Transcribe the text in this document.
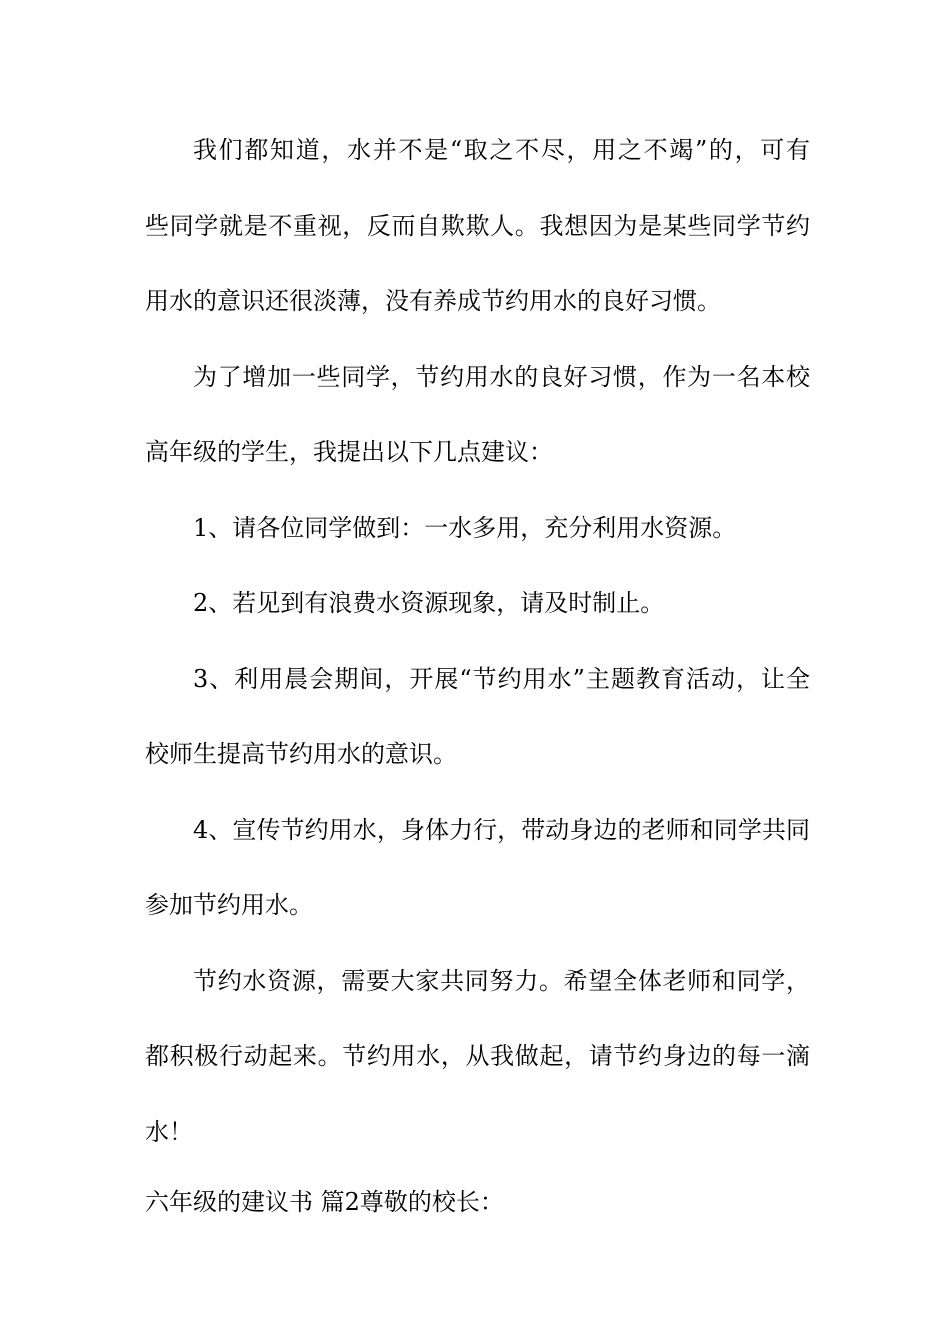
我们都知道，水并不是“取之不尽，用之不竭”的，可有
些同学就是不重视，反而自欺欺人。我想因为是某些同学节约
用水的意识还很淡薄，没有养成节约用水的良好习惯。
为了增加一些同学，节约用水的良好习惯，作为一名本校
高年级的学生，我提出以下几点建议：
1、请各位同学做到：一水多用，充分利用水资源。
2、若见到有浪费水资源现象，请及时制止。
3、利用晨会期间，开展“节约用水”主题教育活动，让全
校师生提高节约用水的意识。
4、宣传节约用水，身体力行，带动身边的老师和同学共同
参加节约用水。
节约水资源，需要大家共同努力。希望全体老师和同学，
都积极行动起来。节约用水，从我做起，请节约身边的每一滴
水！
六年级的建议书 篇2尊敬的校长：
